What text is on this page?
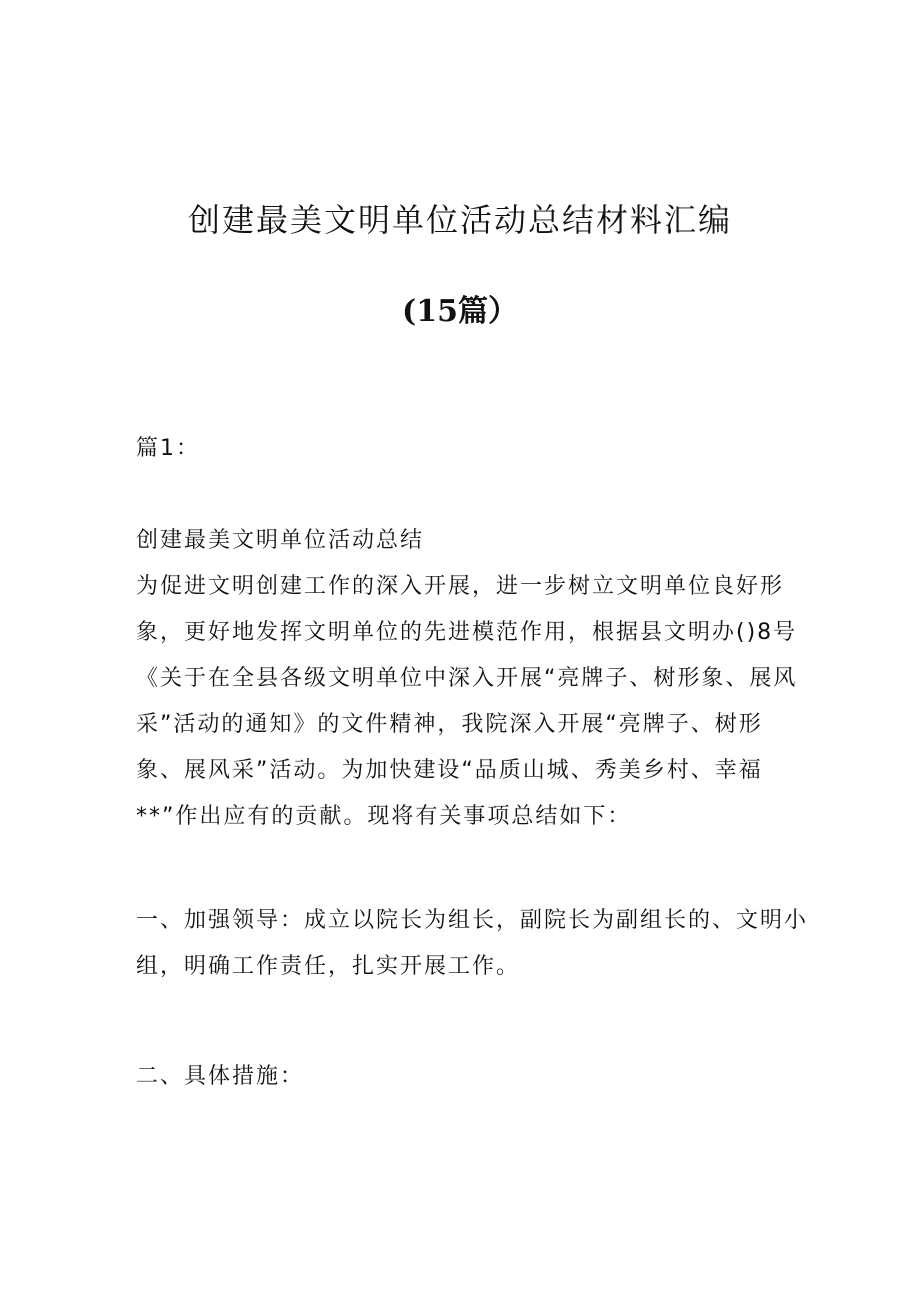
创建最美文明单位活动总结材料汇编
(15篇）
篇1：
创建最美文明单位活动总结
为促进文明创建工作的深入开展，进一步树立文明单位良好形
象，更好地发挥文明单位的先进模范作用，根据县文明办()8号
《关于在全县各级文明单位中深入开展“亮牌子、树形象、展风
采”活动的通知》的文件精神，我院深入开展“亮牌子、树形
象、展风采”活动。为加快建设“品质山城、秀美乡村、幸福
**”作出应有的贡献。现将有关事项总结如下：
一、加强领导：成立以院长为组长，副院长为副组长的、文明小
组，明确工作责任，扎实开展工作。
二、具体措施：
